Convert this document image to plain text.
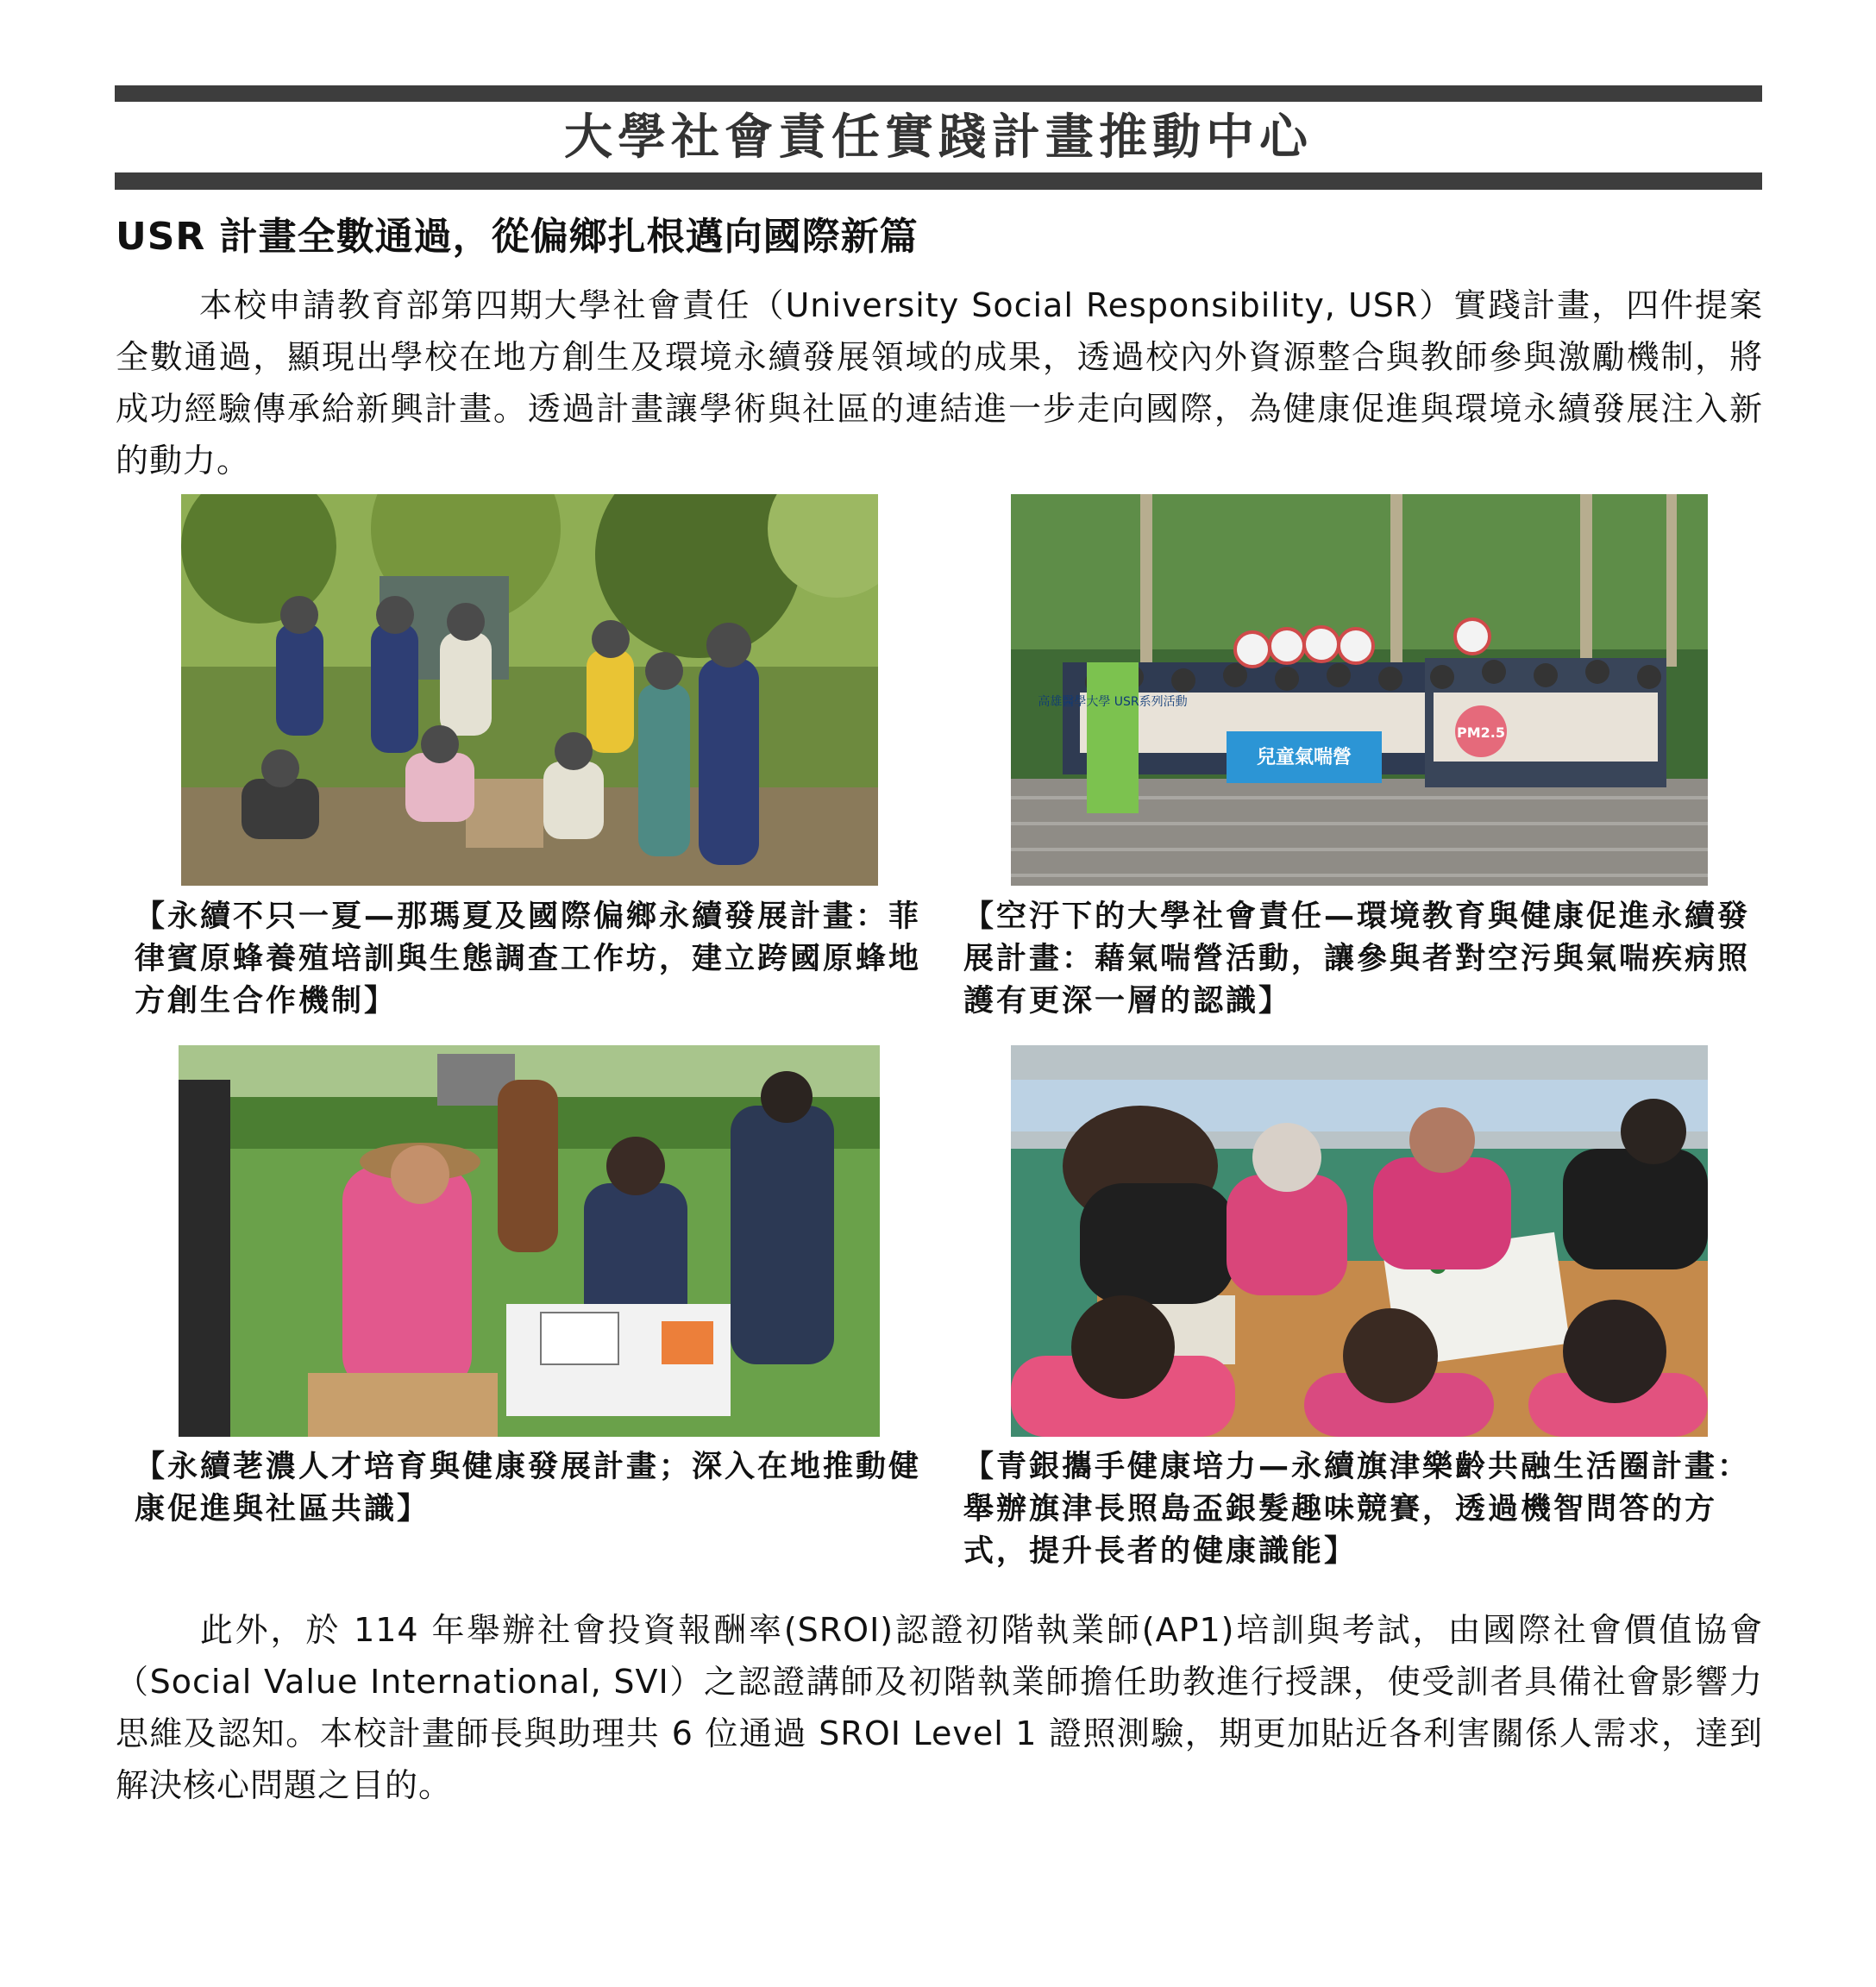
大學社會責任實踐計畫推動中心
USR 計畫全數通過，從偏鄉扎根邁向國際新篇

本校申請教育部第四期大學社會責任（University Social Responsibility, USR）實踐計畫，四件提案全數通過，顯現出學校在地方創生及環境永續發展領域的成果，透過校內外資源整合與教師參與激勵機制，將成功經驗傳承給新興計畫。透過計畫讓學術與社區的連結進一步走向國際，為健康促進與環境永續發展注入新的動力。

高雄醫學大學 USR系列活動
兒童氣喘營
PM2.5

【永續不只一夏—那瑪夏及國際偏鄉永續發展計畫：菲律賓原蜂養殖培訓與生態調查工作坊，建立跨國原蜂地方創生合作機制】

【空汙下的大學社會責任—環境教育與健康促進永續發展計畫：藉氣喘營活動，讓參與者對空污與氣喘疾病照護有更深一層的認識】

【永續荖濃人才培育與健康發展計畫；深入在地推動健康促進與社區共識】

【青銀攜手健康培力—永續旗津樂齡共融生活圈計畫：舉辦旗津長照島盃銀髮趣味競賽，透過機智問答的方式，提升長者的健康識能】

此外，於 114 年舉辦社會投資報酬率(SROI)認證初階執業師(AP1)培訓與考試，由國際社會價值協會（Social Value International, SVI）之認證講師及初階執業師擔任助教進行授課，使受訓者具備社會影響力思維及認知。本校計畫師長與助理共 6 位通過 SROI Level 1 證照測驗，期更加貼近各利害關係人需求，達到解決核心問題之目的。
